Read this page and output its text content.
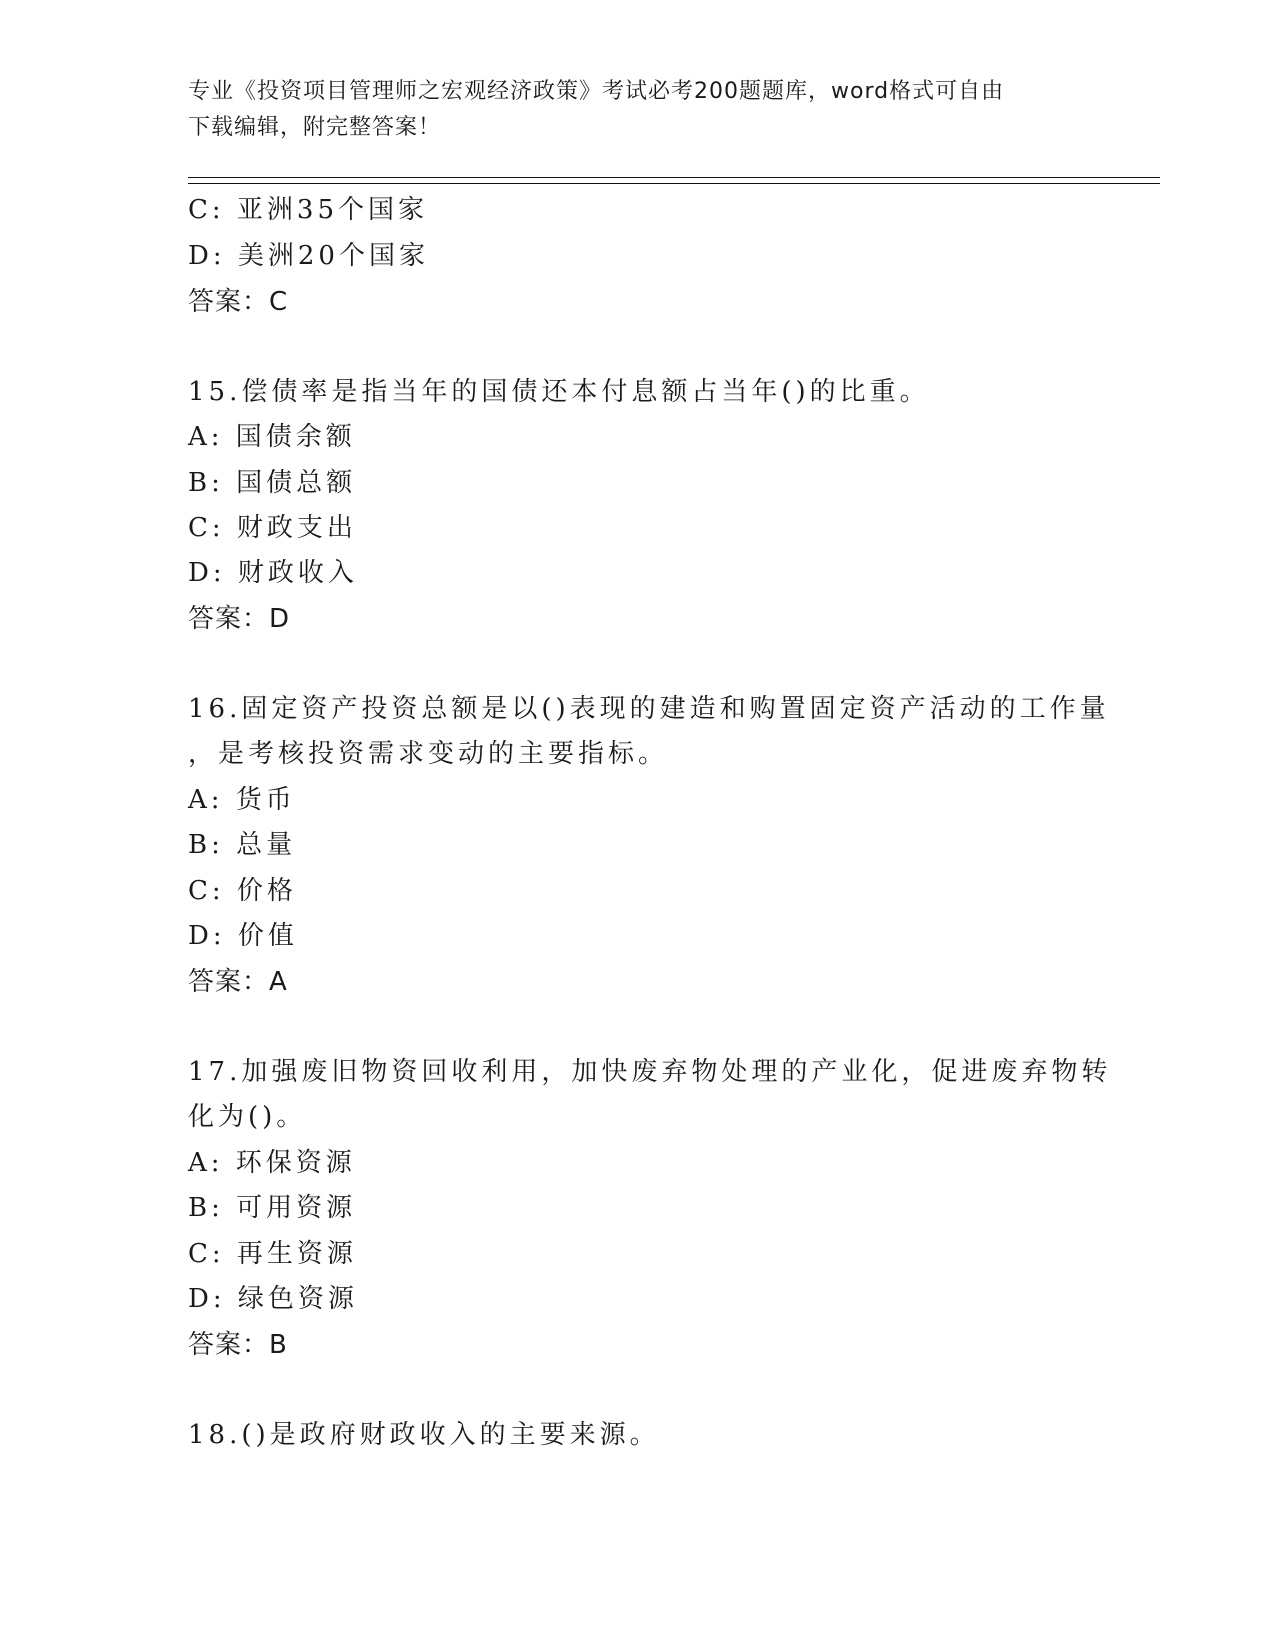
专业《投资项目管理师之宏观经济政策》考试必考200题题库，word格式可自由
下载编辑，附完整答案！
C: 亚洲35个国家
D: 美洲20个国家
答案：C
15.偿债率是指当年的国债还本付息额占当年()的比重。
A: 国债余额
B: 国债总额
C: 财政支出
D: 财政收入
答案：D
16.固定资产投资总额是以()表现的建造和购置固定资产活动的工作量
，是考核投资需求变动的主要指标。
A: 货币
B: 总量
C: 价格
D: 价值
答案：A
17.加强废旧物资回收利用，加快废弃物处理的产业化，促进废弃物转
化为()。
A: 环保资源
B: 可用资源
C: 再生资源
D: 绿色资源
答案：B
18.()是政府财政收入的主要来源。
